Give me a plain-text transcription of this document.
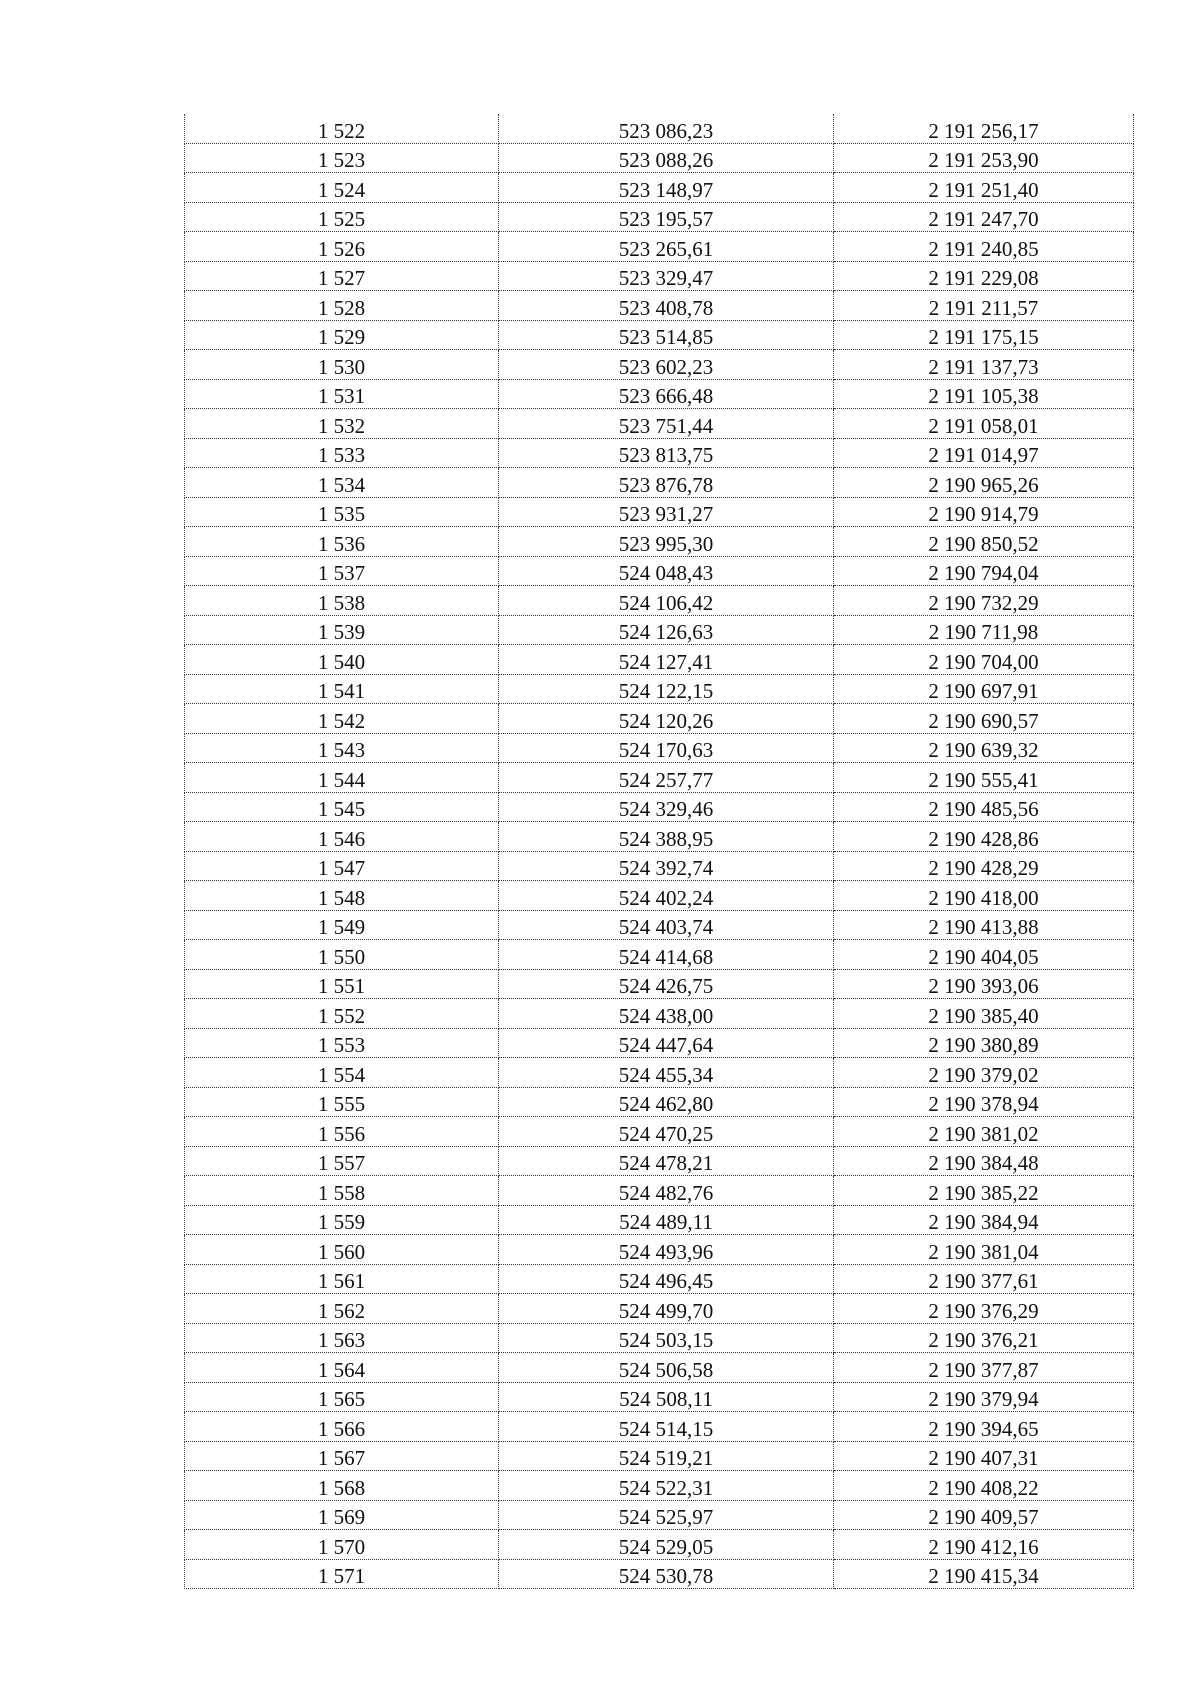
1 522	523 086,23	2 191 256,17
1 523	523 088,26	2 191 253,90
1 524	523 148,97	2 191 251,40
1 525	523 195,57	2 191 247,70
1 526	523 265,61	2 191 240,85
1 527	523 329,47	2 191 229,08
1 528	523 408,78	2 191 211,57
1 529	523 514,85	2 191 175,15
1 530	523 602,23	2 191 137,73
1 531	523 666,48	2 191 105,38
1 532	523 751,44	2 191 058,01
1 533	523 813,75	2 191 014,97
1 534	523 876,78	2 190 965,26
1 535	523 931,27	2 190 914,79
1 536	523 995,30	2 190 850,52
1 537	524 048,43	2 190 794,04
1 538	524 106,42	2 190 732,29
1 539	524 126,63	2 190 711,98
1 540	524 127,41	2 190 704,00
1 541	524 122,15	2 190 697,91
1 542	524 120,26	2 190 690,57
1 543	524 170,63	2 190 639,32
1 544	524 257,77	2 190 555,41
1 545	524 329,46	2 190 485,56
1 546	524 388,95	2 190 428,86
1 547	524 392,74	2 190 428,29
1 548	524 402,24	2 190 418,00
1 549	524 403,74	2 190 413,88
1 550	524 414,68	2 190 404,05
1 551	524 426,75	2 190 393,06
1 552	524 438,00	2 190 385,40
1 553	524 447,64	2 190 380,89
1 554	524 455,34	2 190 379,02
1 555	524 462,80	2 190 378,94
1 556	524 470,25	2 190 381,02
1 557	524 478,21	2 190 384,48
1 558	524 482,76	2 190 385,22
1 559	524 489,11	2 190 384,94
1 560	524 493,96	2 190 381,04
1 561	524 496,45	2 190 377,61
1 562	524 499,70	2 190 376,29
1 563	524 503,15	2 190 376,21
1 564	524 506,58	2 190 377,87
1 565	524 508,11	2 190 379,94
1 566	524 514,15	2 190 394,65
1 567	524 519,21	2 190 407,31
1 568	524 522,31	2 190 408,22
1 569	524 525,97	2 190 409,57
1 570	524 529,05	2 190 412,16
1 571	524 530,78	2 190 415,34
